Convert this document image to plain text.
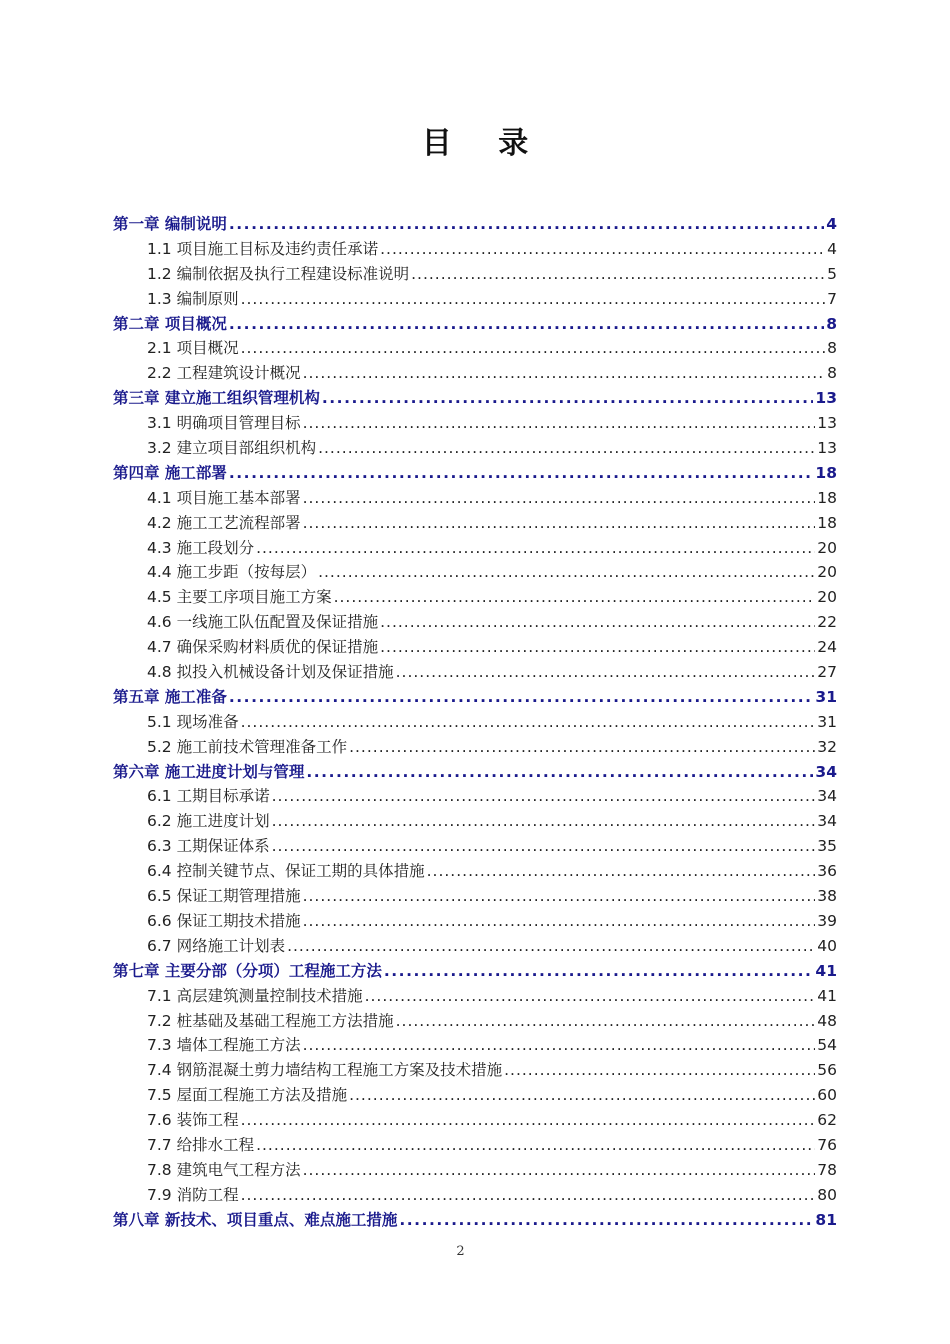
目 录
第一章 编制说明 .....	4
1.1 项目施工目标及违约责任承诺 .....	4
1.2 编制依据及执行工程建设标准说明 .....	5
1.3 编制原则 .....	7
第二章 项目概况 .....	8
2.1 项目概况 .....	8
2.2 工程建筑设计概况 .....	8
第三章 建立施工组织管理机构 .....	13
3.1 明确项目管理目标 .....	13
3.2 建立项目部组织机构 .....	13
第四章 施工部署 .....	18
4.1 项目施工基本部署 .....	18
4.2 施工工艺流程部署 .....	18
4.3 施工段划分 .....	20
4.4 施工步距（按每层） .....	20
4.5 主要工序项目施工方案 .....	20
4.6 一线施工队伍配置及保证措施 .....	22
4.7 确保采购材料质优的保证措施 .....	24
4.8 拟投入机械设备计划及保证措施 .....	27
第五章 施工准备 .....	31
5.1 现场准备 .....	31
5.2 施工前技术管理准备工作 .....	32
第六章 施工进度计划与管理 .....	34
6.1 工期目标承诺 .....	34
6.2 施工进度计划 .....	34
6.3 工期保证体系 .....	35
6.4 控制关键节点、保证工期的具体措施 .....	36
6.5 保证工期管理措施 .....	38
6.6 保证工期技术措施 .....	39
6.7 网络施工计划表 .....	40
第七章 主要分部（分项）工程施工方法 .....	41
7.1 高层建筑测量控制技术措施 .....	41
7.2 桩基础及基础工程施工方法措施 .....	48
7.3 墙体工程施工方法 .....	54
7.4 钢筋混凝土剪力墙结构工程施工方案及技术措施 .....	56
7.5 屋面工程施工方法及措施 .....	60
7.6 装饰工程 .....	62
7.7 给排水工程 .....	76
7.8 建筑电气工程方法 .....	78
7.9 消防工程 .....	80
第八章 新技术、项目重点、难点施工措施 .....	81
2
